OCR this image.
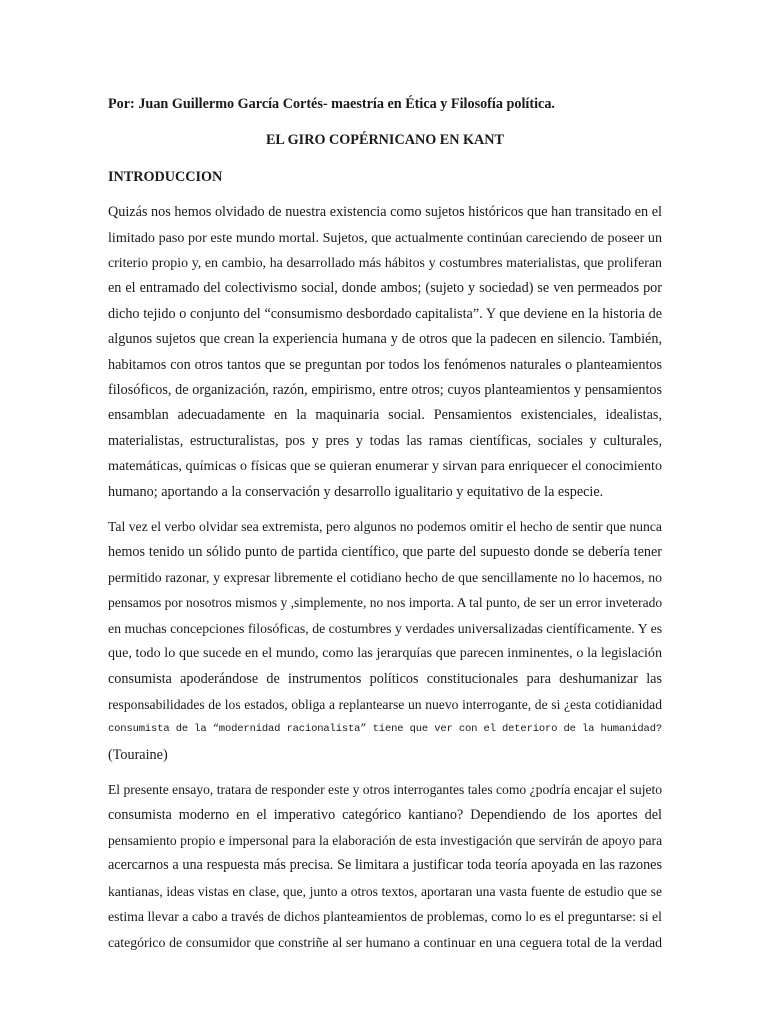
Por: Juan Guillermo García Cortés- maestría en Ética y Filosofía política.

EL GIRO COPÉRNICANO EN KANT

INTRODUCCION

Quizás nos hemos olvidado de nuestra existencia como sujetos históricos que han transitado en el
limitado paso por este mundo mortal. Sujetos, que actualmente continúan careciendo de poseer un
criterio propio y, en cambio, ha desarrollado más hábitos y costumbres materialistas, que proliferan
en el entramado del colectivismo social, donde ambos; (sujeto y sociedad) se ven permeados por
dicho tejido o conjunto del “consumismo desbordado capitalista”. Y que deviene en la historia de
algunos sujetos que crean la experiencia humana y de otros que la padecen en silencio. También,
habitamos con otros tantos que se preguntan por todos los fenómenos naturales o planteamientos
filosóficos, de organización, razón, empirismo, entre otros; cuyos planteamientos y pensamientos
ensamblan adecuadamente en la maquinaria social. Pensamientos existenciales, idealistas,
materialistas, estructuralistas, pos y pres y todas las ramas científicas, sociales y culturales,
matemáticas, químicas o físicas que se quieran enumerar y sirvan para enriquecer el conocimiento
humano; aportando a la conservación y desarrollo igualitario y equitativo de la especie.

Tal vez el verbo olvidar sea extremista, pero algunos no podemos omitir el hecho de sentir que nunca
hemos tenido un sólido punto de partida científico, que parte del supuesto donde se debería tener
permitido razonar, y expresar libremente el cotidiano hecho de que sencillamente no lo hacemos, no
pensamos por nosotros mismos y ,simplemente, no nos importa. A tal punto, de ser un error inveterado
en muchas concepciones filosóficas, de costumbres y verdades universalizadas científicamente. Y es
que, todo lo que sucede en el mundo, como las jerarquías que parecen inminentes, o la legislación
consumista apoderándose de instrumentos políticos constitucionales para deshumanizar las
responsabilidades de los estados, obliga a replantearse un nuevo interrogante, de si ¿esta cotidianidad
consumista de la “modernidad racionalista” tiene que ver con el deterioro de la humanidad?
(Touraine)

El presente ensayo, tratara de responder este y otros interrogantes tales como ¿podría encajar el sujeto
consumista moderno en el imperativo categórico kantiano? Dependiendo de los aportes del
pensamiento propio e impersonal para la elaboración de esta investigación que servirán de apoyo para
acercarnos a una respuesta más precisa. Se limitara a justificar toda teoría apoyada en las razones
kantianas, ideas vistas en clase, que, junto a otros textos, aportaran una vasta fuente de estudio que se
estima llevar a cabo a través de dichos planteamientos de problemas, como lo es el preguntarse: si el
categórico de consumidor que constriñe al ser humano a continuar en una ceguera total de la verdad
